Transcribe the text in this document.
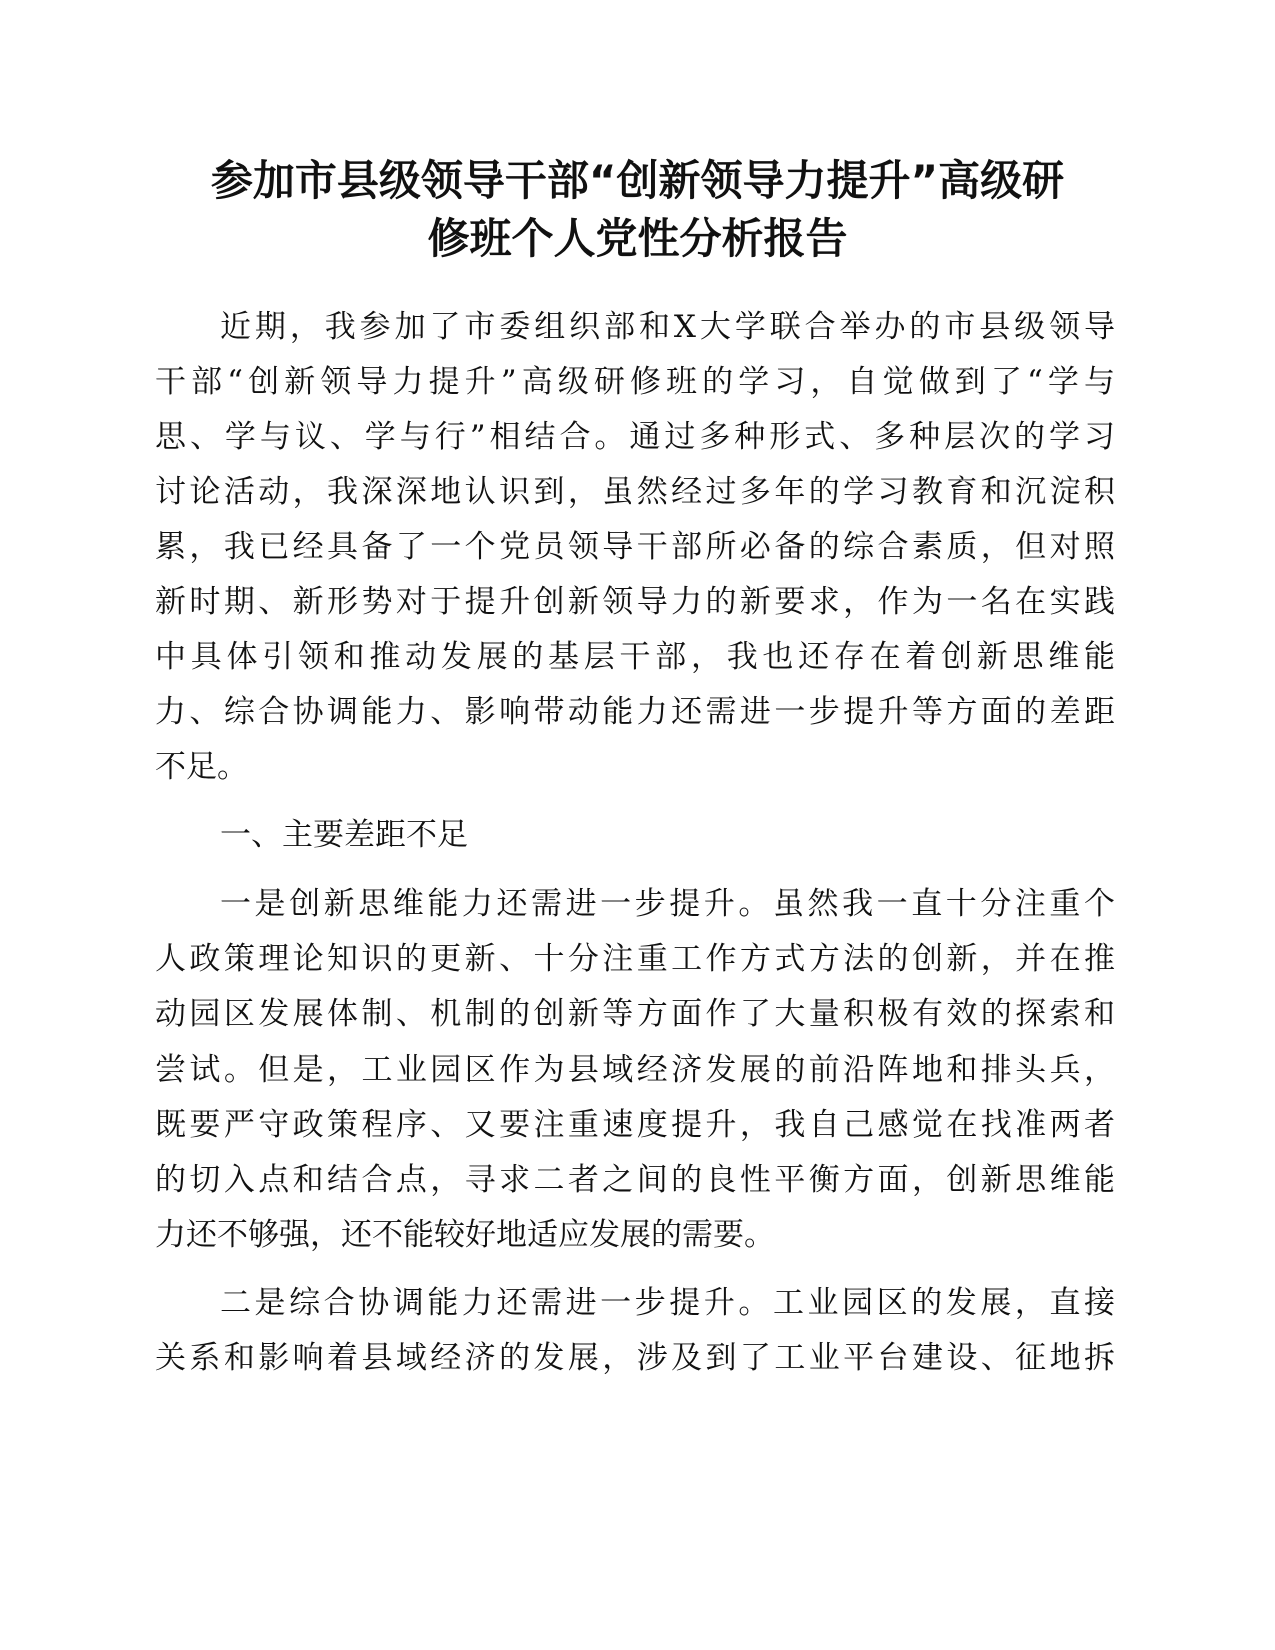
参加市县级领导干部“创新领导力提升”高级研
修班个人党性分析报告

近期，我参加了市委组织部和X大学联合举办的市县级领导

干部“创新领导力提升”高级研修班的学习，自觉做到了“学与

思、学与议、学与行”相结合。通过多种形式、多种层次的学习

讨论活动，我深深地认识到，虽然经过多年的学习教育和沉淀积

累，我已经具备了一个党员领导干部所必备的综合素质，但对照

新时期、新形势对于提升创新领导力的新要求，作为一名在实践

中具体引领和推动发展的基层干部，我也还存在着创新思维能

力、综合协调能力、影响带动能力还需进一步提升等方面的差距

不足。

一、主要差距不足

一是创新思维能力还需进一步提升。虽然我一直十分注重个

人政策理论知识的更新、十分注重工作方式方法的创新，并在推

动园区发展体制、机制的创新等方面作了大量积极有效的探索和

尝试。但是，工业园区作为县域经济发展的前沿阵地和排头兵，

既要严守政策程序、又要注重速度提升，我自己感觉在找准两者

的切入点和结合点，寻求二者之间的良性平衡方面，创新思维能

力还不够强，还不能较好地适应发展的需要。

二是综合协调能力还需进一步提升。工业园区的发展，直接

关系和影响着县域经济的发展，涉及到了工业平台建设、征地拆
